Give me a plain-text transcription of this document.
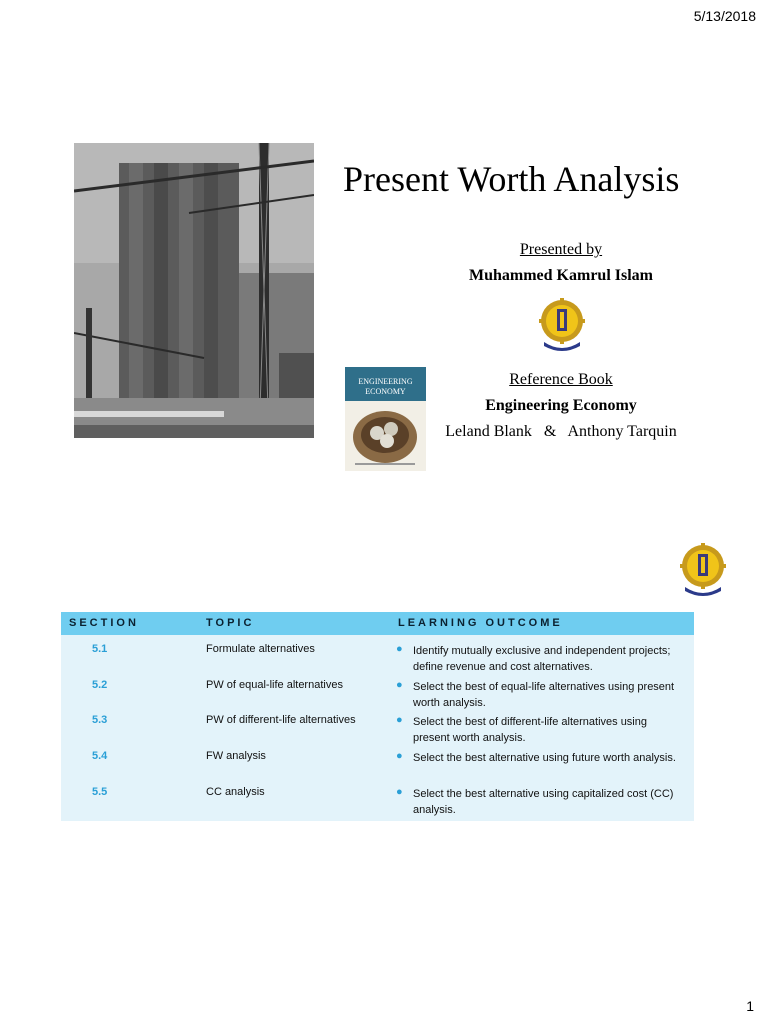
5/13/2018
Present Worth Analysis
Presented by
Muhammed Kamrul Islam
Reference Book
Engineering Economy
Leland Blank   &   Anthony Tarquin
ENGINEERING
ECONOMY
SECTION	TOPIC	LEARNING OUTCOME
5.1	Formulate alternatives	● Identify mutually exclusive and independent projects; define revenue and cost alternatives.
5.2	PW of equal-life alternatives	● Select the best of equal-life alternatives using present worth analysis.
5.3	PW of different-life alternatives	● Select the best of different-life alternatives using present worth analysis.
5.4	FW analysis	● Select the best alternative using future worth analysis.
5.5	CC analysis	● Select the best alternative using capitalized cost (CC) analysis.
1
